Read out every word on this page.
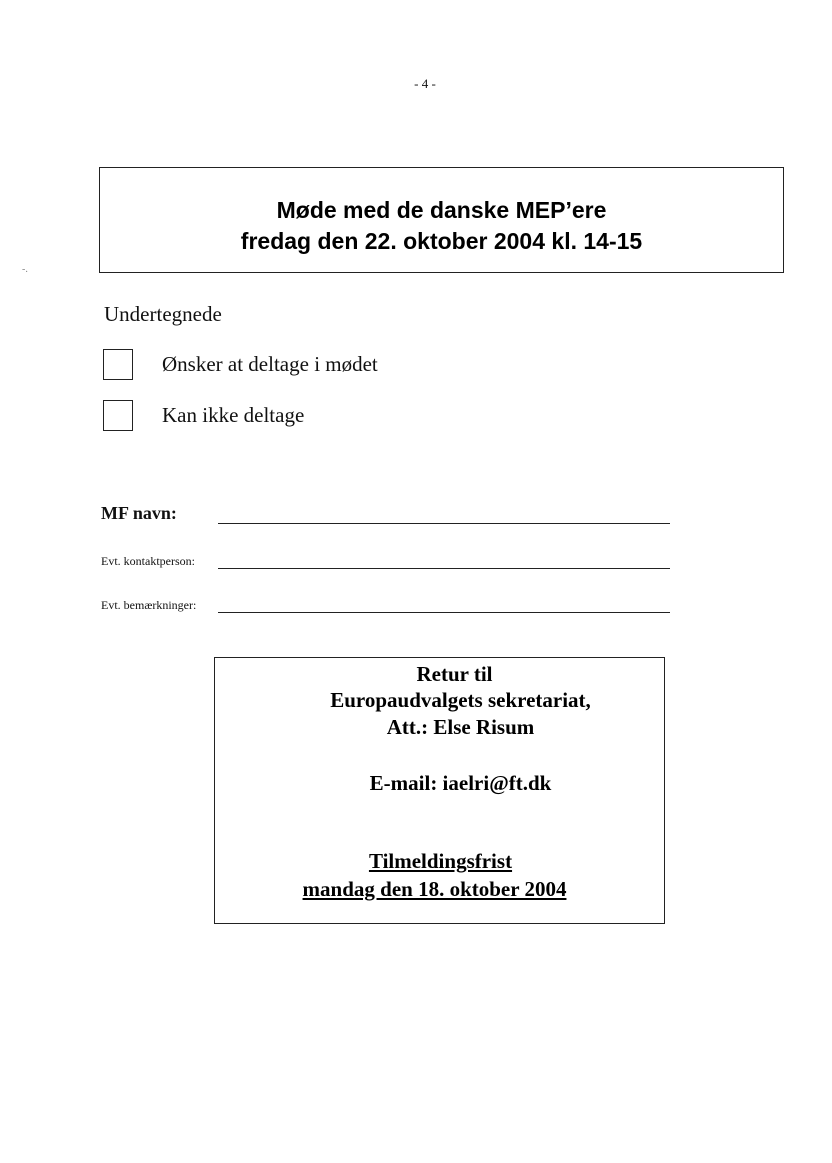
- 4 -
Møde med de danske MEP’ere
fredag den 22. oktober 2004 kl. 14-15
-.
Undertegnede
Ønsker at deltage i mødet
Kan ikke deltage
MF navn:
Evt. kontaktperson:
Evt. bemærkninger:
Retur til
Europaudvalgets sekretariat,
Att.: Else Risum
E-mail: iaelri@ft.dk
Tilmeldingsfrist
mandag den 18. oktober 2004
